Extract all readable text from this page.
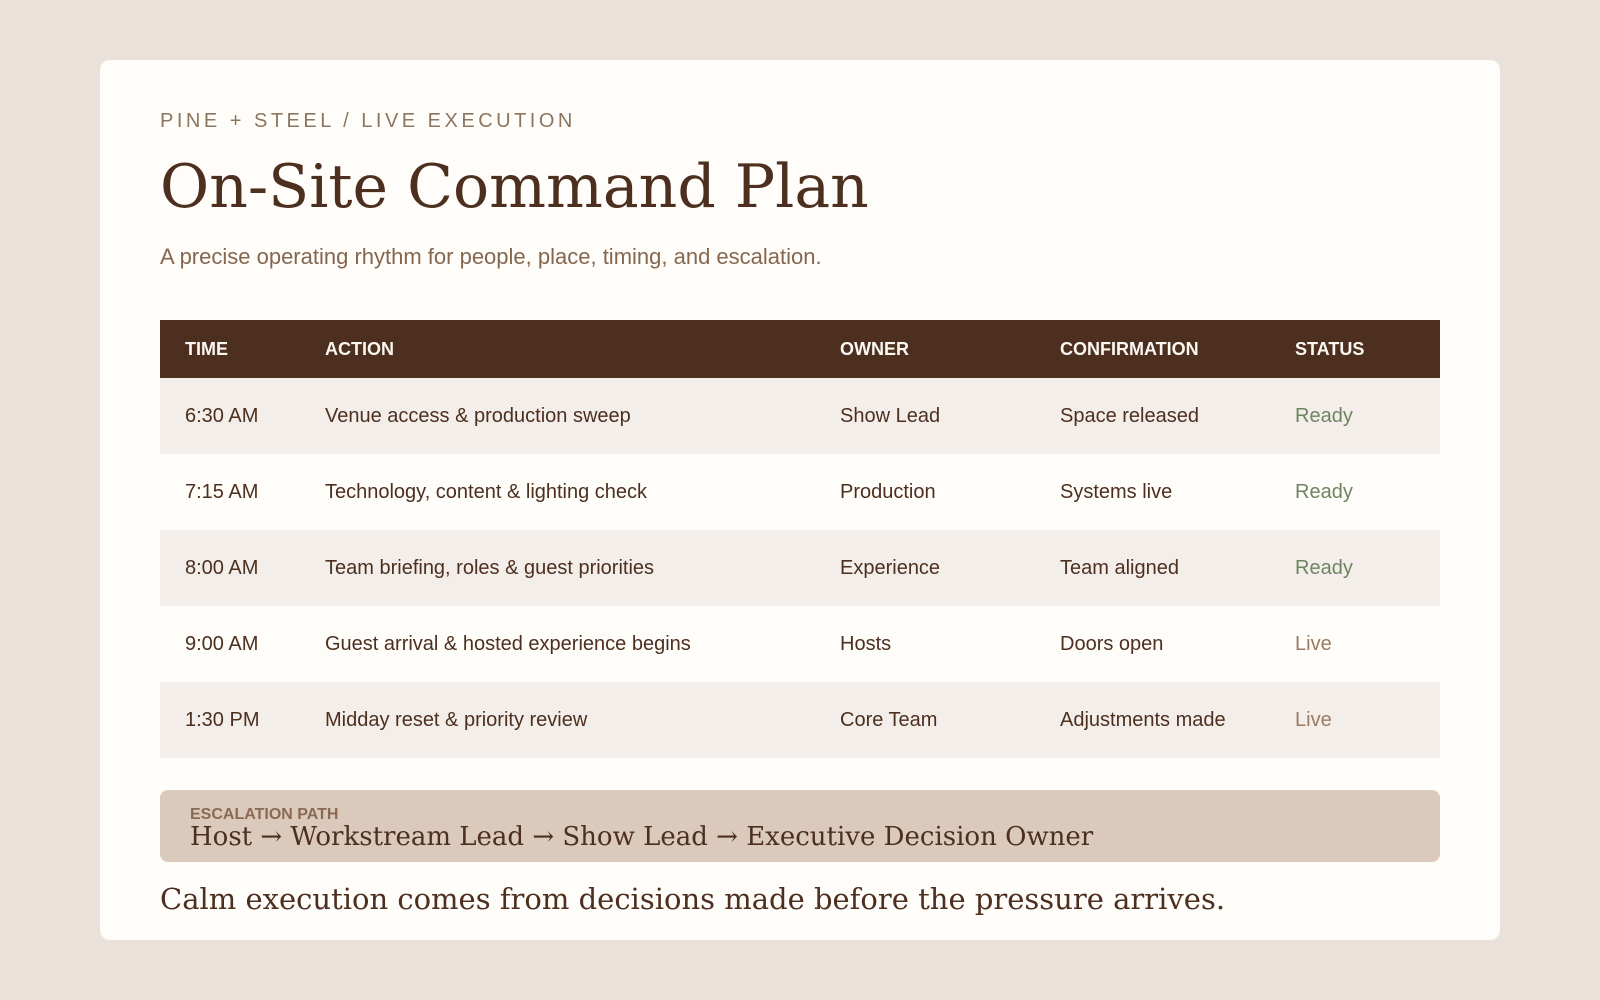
PINE + STEEL / LIVE EXECUTION
On-Site Command Plan
A precise operating rhythm for people, place, timing, and escalation.
TIME	ACTION	OWNER	CONFIRMATION	STATUS
6:30 AM	Venue access & production sweep	Show Lead	Space released	Ready
7:15 AM	Technology, content & lighting check	Production	Systems live	Ready
8:00 AM	Team briefing, roles & guest priorities	Experience	Team aligned	Ready
9:00 AM	Guest arrival & hosted experience begins	Hosts	Doors open	Live
1:30 PM	Midday reset & priority review	Core Team	Adjustments made	Live
ESCALATION PATH
Host → Workstream Lead → Show Lead → Executive Decision Owner
Calm execution comes from decisions made before the pressure arrives.
